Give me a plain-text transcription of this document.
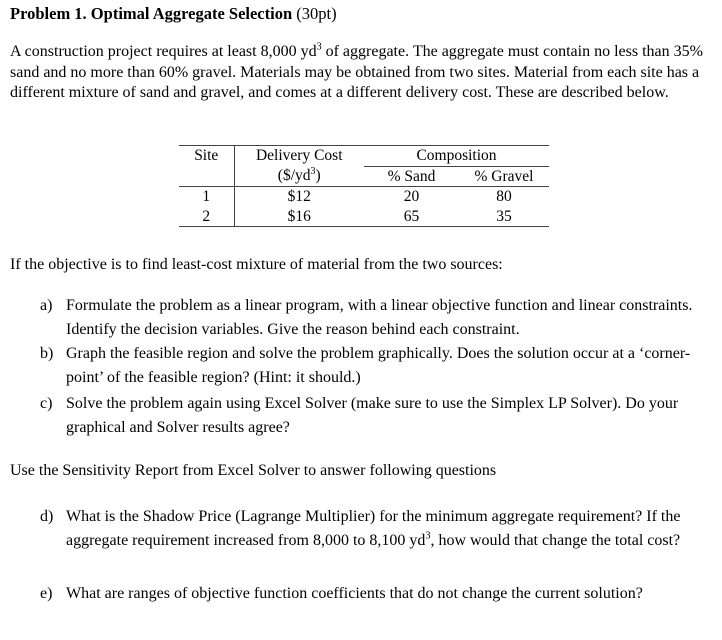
Problem 1. Optimal Aggregate Selection (30pt)
A construction project requires at least 8,000 $yd^3$ of aggregate. The aggregate must contain no less than 35% sand and no more than 60% gravel. Materials may be obtained from two sites. Material from each site has a different mixture of sand and gravel, and comes at a different delivery cost. These are described below.
Site	Delivery Cost	Composition	
	$(\$/yd^3)$	% Sand	% Gravel
1	$12	20	80
2	$16	65	35
If the objective is to find least-cost mixture of material from the two sources:
a) Formulate the problem as a linear program, with a linear objective function and linear constraints. Identify the decision variables. Give the reason behind each constraint.
b) Graph the feasible region and solve the problem graphically. Does the solution occur at a ‘corner-point’ of the feasible region? (Hint: it should.)
c) Solve the problem again using Excel Solver (make sure to use the Simplex LP Solver). Do your graphical and Solver results agree?
Use the Sensitivity Report from Excel Solver to answer following questions
d) What is the Shadow Price (Lagrange Multiplier) for the minimum aggregate requirement? If the aggregate requirement increased from 8,000 to 8,100 $yd^3$, how would that change the total cost?
e) What are ranges of objective function coefficients that do not change the current solution?
